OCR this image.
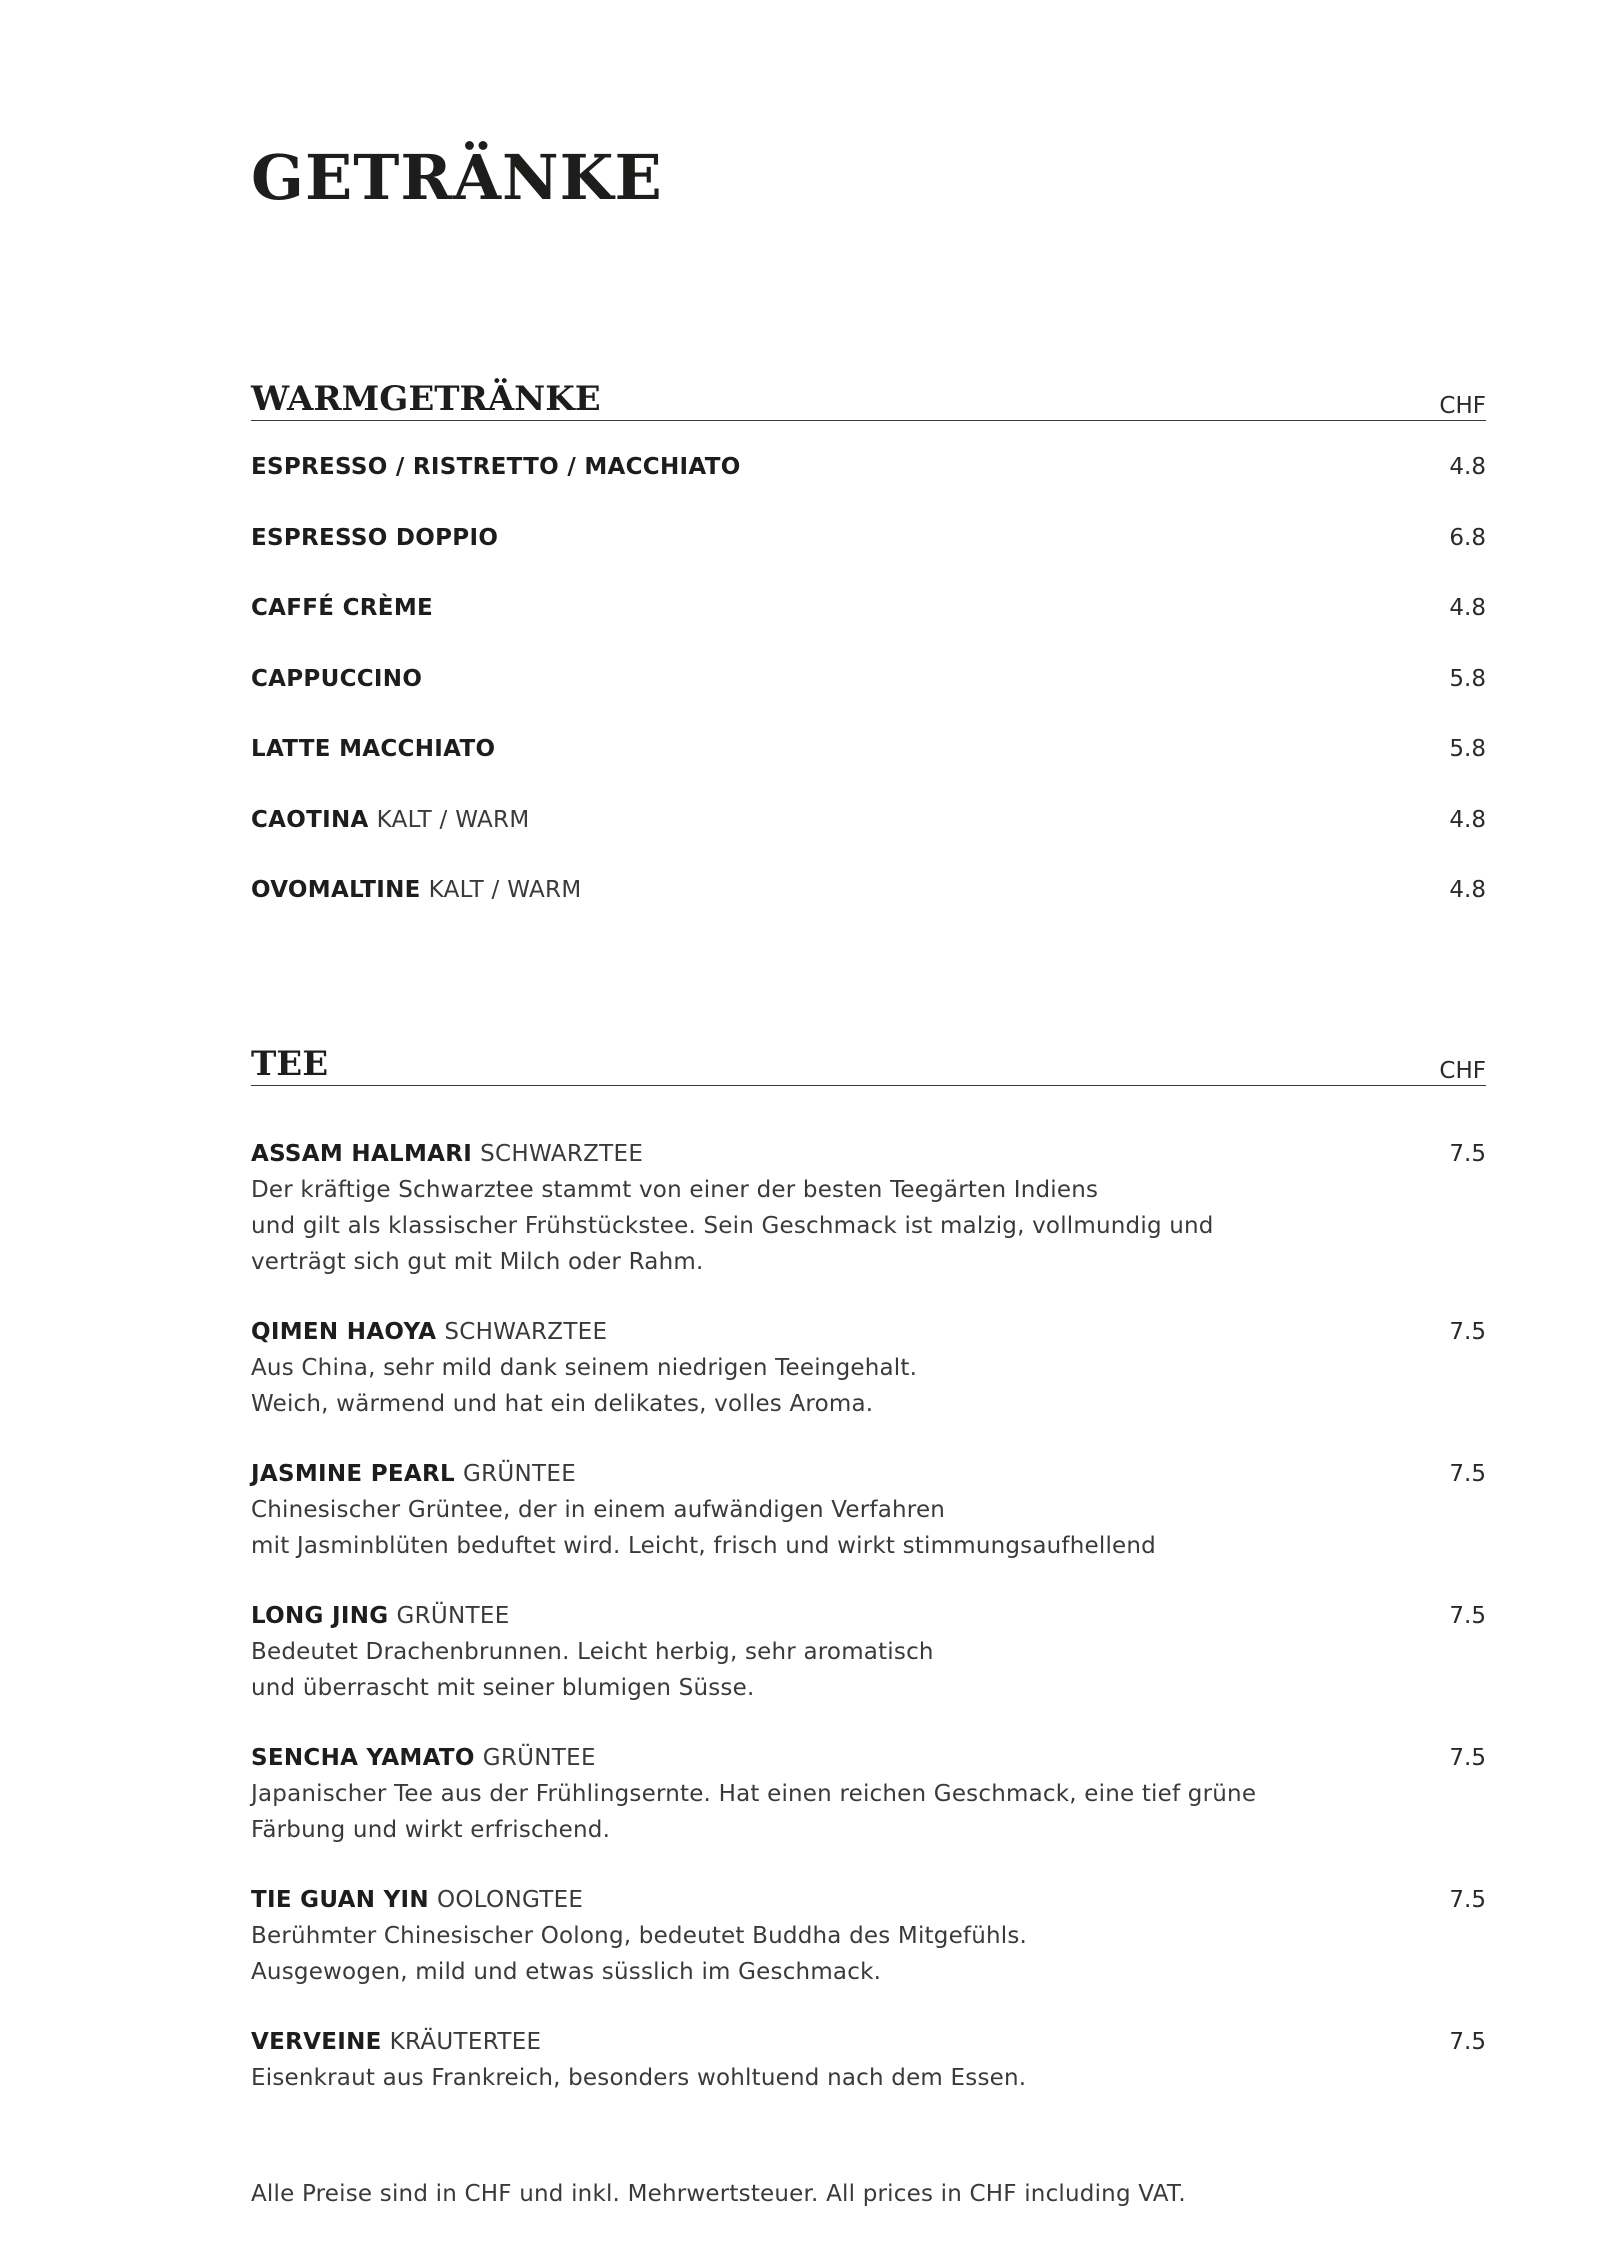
GETRÄNKE
WARMGETRÄNKE	CHF
ESPRESSO / RISTRETTO / MACCHIATO	4.8
ESPRESSO DOPPIO	6.8
CAFFÉ CRÈME	4.8
CAPPUCCINO	5.8
LATTE MACCHIATO	5.8
CAOTINA KALT / WARM	4.8
OVOMALTINE KALT / WARM	4.8
TEE	CHF
ASSAM HALMARI SCHWARZTEE	7.5
Der kräftige Schwarztee stammt von einer der besten Teegärten Indiens
und gilt als klassischer Frühstückstee. Sein Geschmack ist malzig, vollmundig und
verträgt sich gut mit Milch oder Rahm.
QIMEN HAOYA SCHWARZTEE	7.5
Aus China, sehr mild dank seinem niedrigen Teeingehalt.
Weich, wärmend und hat ein delikates, volles Aroma.
JASMINE PEARL GRÜNTEE	7.5
Chinesischer Grüntee, der in einem aufwändigen Verfahren
mit Jasminblüten beduftet wird. Leicht, frisch und wirkt stimmungsaufhellend
LONG JING GRÜNTEE	7.5
Bedeutet Drachenbrunnen. Leicht herbig, sehr aromatisch
und überrascht mit seiner blumigen Süsse.
SENCHA YAMATO GRÜNTEE	7.5
Japanischer Tee aus der Frühlingsernte. Hat einen reichen Geschmack, eine tief grüne
Färbung und wirkt erfrischend.
TIE GUAN YIN OOLONGTEE	7.5
Berühmter Chinesischer Oolong, bedeutet Buddha des Mitgefühls.
Ausgewogen, mild und etwas süsslich im Geschmack.
VERVEINE KRÄUTERTEE	7.5
Eisenkraut aus Frankreich, besonders wohltuend nach dem Essen.
Alle Preise sind in CHF und inkl. Mehrwertsteuer. All prices in CHF including VAT.
